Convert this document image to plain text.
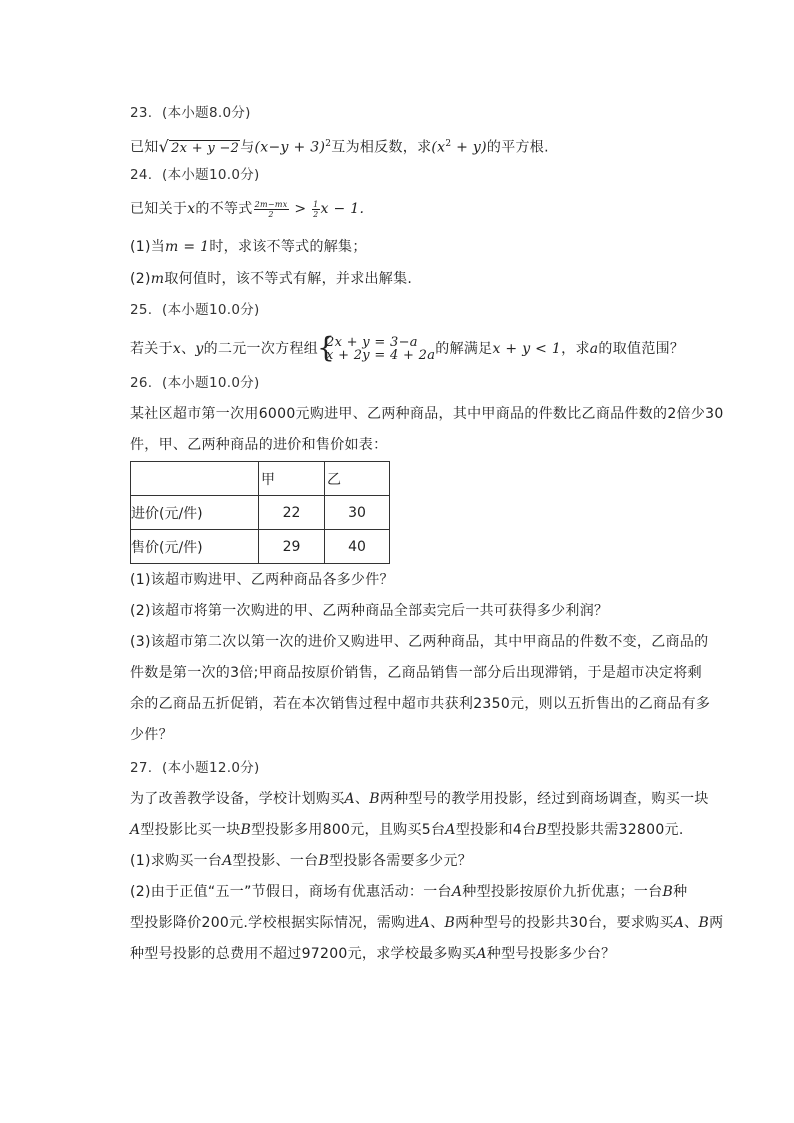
23. (本小题8.0分)
已知√ 2x + y −2与$(x-y + 3)^2$互为相反数，求$(x^2 + y)$的平方根.
24. (本小题10.0分)
已知关于x的不等式 $\frac{2m-mx}{2} > \frac{1}{2}$ x − 1.
(1)当m = 1时，求该不等式的解集；
(2)m取何值时，该不等式有解，并求出解集.
25. (本小题10.0分)
若关于x、y的二元一次方程组 {
2x + y = 3−a
x + 2y = 4 + 2a 的解满足x + y < 1，求a的取值范围？
26. (本小题10.0分)
某社区超市第一次用6000元购进甲、乙两种商品，其中甲商品的件数比乙商品件数的2倍少30
件，甲、乙两种商品的进价和售价如表：
	甲	乙
进价(元/件)	22	30
售价(元/件)	29	40
(1)该超市购进甲、乙两种商品各多少件？
(2)该超市将第一次购进的甲、乙两种商品全部卖完后一共可获得多少利润？
(3)该超市第二次以第一次的进价又购进甲、乙两种商品，其中甲商品的件数不变，乙商品的
件数是第一次的3倍;甲商品按原价销售，乙商品销售一部分后出现滞销，于是超市决定将剩
余的乙商品五折促销，若在本次销售过程中超市共获利2350元，则以五折售出的乙商品有多
少件？
27. (本小题12.0分)
为了改善教学设备，学校计划购买A、B两种型号的教学用投影，经过到商场调查，购买一块
A型投影比买一块B型投影多用800元，且购买5台A型投影和4台B型投影共需32800元.
(1)求购买一台A型投影、一台B型投影各需要多少元？
(2)由于正值“五一”节假日，商场有优惠活动：一台A种型投影按原价九折优惠；一台B种
型投影降价200元.学校根据实际情况，需购进A、B两种型号的投影共30台，要求购买A、B两
种型号投影的总费用不超过97200元，求学校最多购买A种型号投影多少台？
